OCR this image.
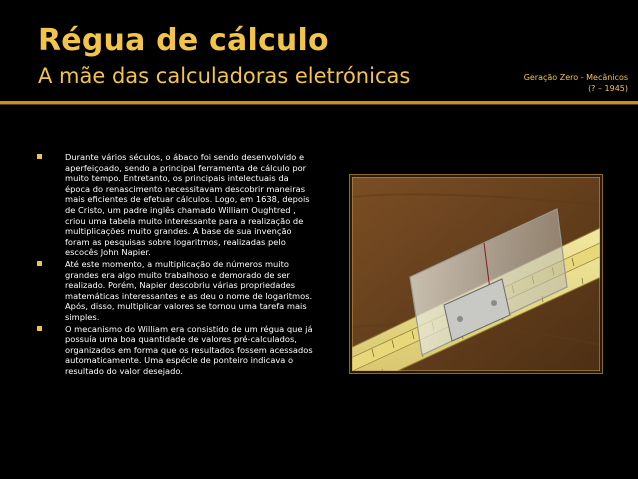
Régua de cálculo
A mãe das calculadoras eletrónicas	Geração Zero - Mecânicos
(? – 1945)
Durante vários séculos, o ábaco foi sendo desenvolvido e aperfeiçoado, sendo a principal ferramenta de cálculo por muito tempo. Entretanto, os principais intelectuais da época do renascimento necessitavam descobrir maneiras mais eficientes de efetuar cálculos. Logo, em 1638, depois de Cristo, um padre inglês chamado William Oughtred , criou uma tabela muito interessante para a realização de multiplicações muito grandes. A base de sua invenção foram as pesquisas sobre logaritmos, realizadas pelo escocês John Napier.
Até este momento, a multiplicação de números muito grandes era algo muito trabalhoso e demorado de ser realizado. Porém, Napier descobriu várias propriedades matemáticas interessantes e as deu o nome de logaritmos. Após, disso, multiplicar valores se tornou uma tarefa mais simples.
O mecanismo do William era consistido de um régua que já possuía uma boa quantidade de valores pré-calculados, organizados em forma que os resultados fossem acessados automaticamente. Uma espécie de ponteiro indicava o resultado do valor desejado.
